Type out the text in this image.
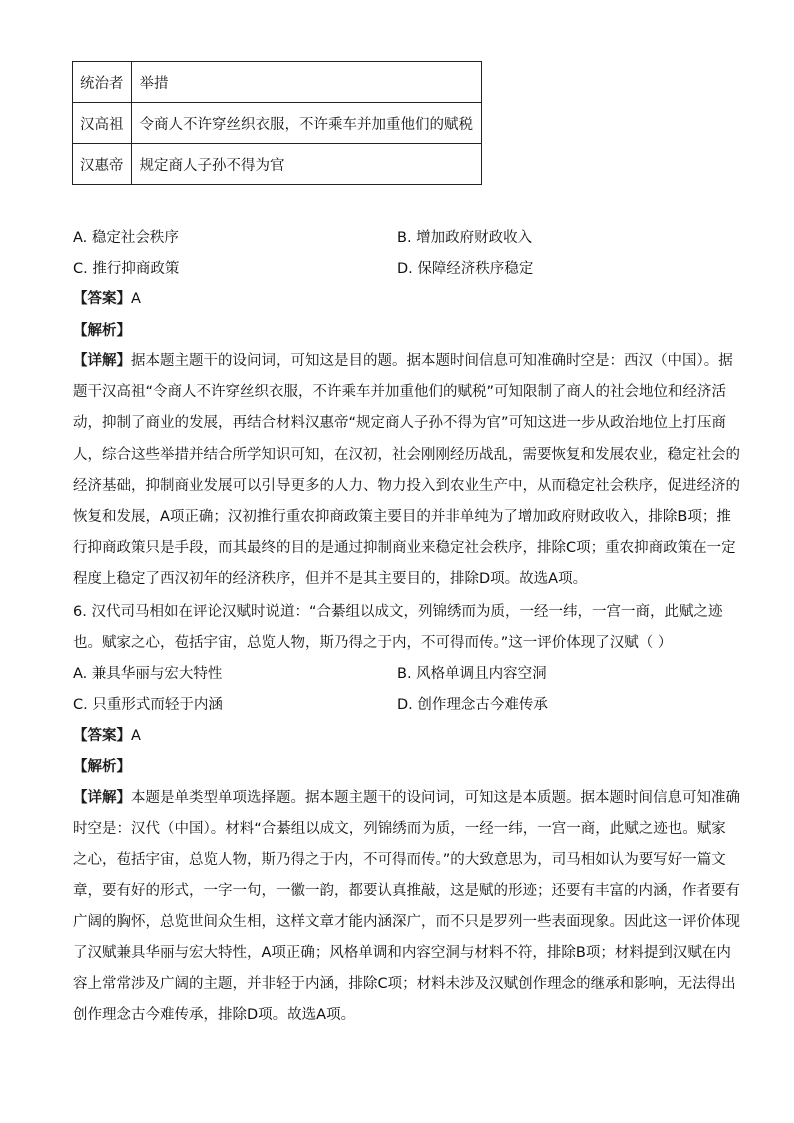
统治者	举措
汉高祖	令商人不许穿丝织衣服，不许乘车并加重他们的赋税
汉惠帝	规定商人子孙不得为官
A. 稳定社会秩序	B. 增加政府财政收入
C. 推行抑商政策	D. 保障经济秩序稳定
【答案】A
【解析】
【详解】据本题主题干的设问词，可知这是目的题。据本题时间信息可知准确时空是：西汉（中国）。据
题干汉高祖“令商人不许穿丝织衣服，不许乘车并加重他们的赋税”可知限制了商人的社会地位和经济活
动，抑制了商业的发展，再结合材料汉惠帝“规定商人子孙不得为官”可知这进一步从政治地位上打压商
人，综合这些举措并结合所学知识可知，在汉初，社会刚刚经历战乱，需要恢复和发展农业，稳定社会的
经济基础，抑制商业发展可以引导更多的人力、物力投入到农业生产中，从而稳定社会秩序，促进经济的
恢复和发展，A项正确；汉初推行重农抑商政策主要目的并非单纯为了增加政府财政收入，排除B项；推
行抑商政策只是手段，而其最终的目的是通过抑制商业来稳定社会秩序，排除C项；重农抑商政策在一定
程度上稳定了西汉初年的经济秩序，但并不是其主要目的，排除D项。故选A项。
6. 汉代司马相如在评论汉赋时说道：“合綦组以成文，列锦绣而为质，一经一纬，一宫一商，此赋之迹
也。赋家之心，苞括宇宙，总览人物，斯乃得之于内，不可得而传。”这一评价体现了汉赋（ ）
A. 兼具华丽与宏大特性	B. 风格单调且内容空洞
C. 只重形式而轻于内涵	D. 创作理念古今难传承
【答案】A
【解析】
【详解】本题是单类型单项选择题。据本题主题干的设问词，可知这是本质题。据本题时间信息可知准确
时空是：汉代（中国）。材料“合綦组以成文，列锦绣而为质，一经一纬，一宫一商，此赋之迹也。赋家
之心，苞括宇宙，总览人物，斯乃得之于内，不可得而传。”的大致意思为，司马相如认为要写好一篇文
章，要有好的形式，一字一句，一徽一韵，都要认真推敲，这是赋的形迹；还要有丰富的内涵，作者要有
广阔的胸怀，总览世间众生相，这样文章才能内涵深广，而不只是罗列一些表面现象。因此这一评价体现
了汉赋兼具华丽与宏大特性，A项正确；风格单调和内容空洞与材料不符，排除B项；材料提到汉赋在内
容上常常涉及广阔的主题，并非轻于内涵，排除C项；材料未涉及汉赋创作理念的继承和影响，无法得出
创作理念古今难传承，排除D项。故选A项。
